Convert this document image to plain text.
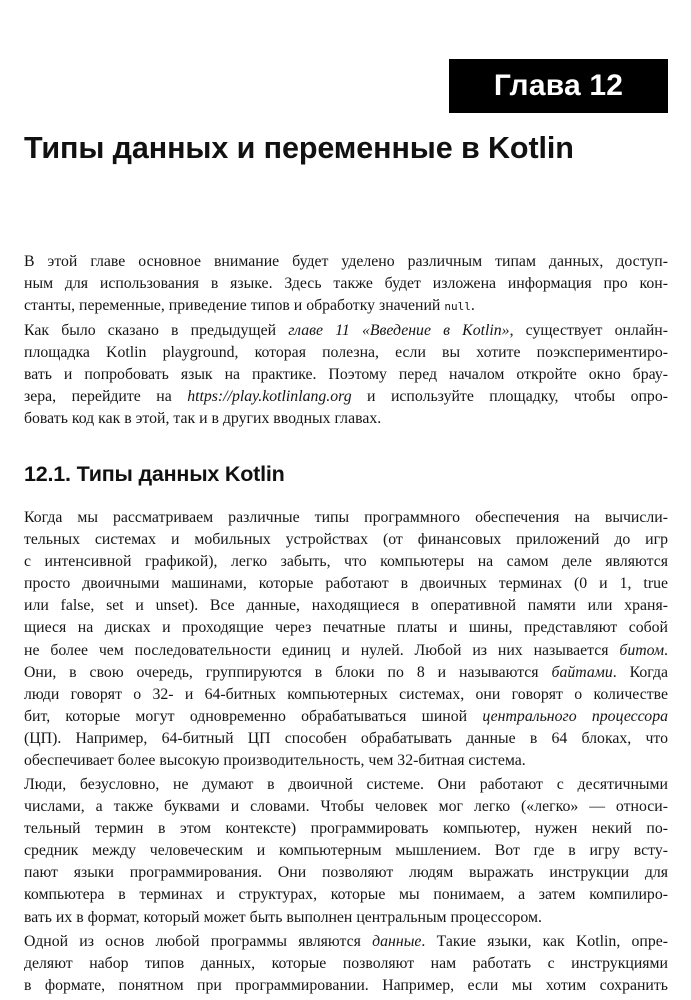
Глава 12
Типы данных и переменные в Kotlin
В этой главе основное внимание будет уделено различным типам данных, доступ-
ным для использования в языке. Здесь также будет изложена информация про кон-
станты, переменные, приведение типов и обработку значений null.
Как было сказано в предыдущей главе 11 «Введение в Kotlin», существует онлайн-
площадка Kotlin playground, которая полезна, если вы хотите поэкспериментиро-
вать и попробовать язык на практике. Поэтому перед началом откройте окно брау-
зера, перейдите на https://play.kotlinlang.org и используйте площадку, чтобы опро-
бовать код как в этой, так и в других вводных главах.
12.1. Типы данных Kotlin
Когда мы рассматриваем различные типы программного обеспечения на вычисли-
тельных системах и мобильных устройствах (от финансовых приложений до игр
с интенсивной графикой), легко забыть, что компьютеры на самом деле являются
просто двоичными машинами, которые работают в двоичных терминах (0 и 1, true
или false, set и unset). Все данные, находящиеся в оперативной памяти или храня-
щиеся на дисках и проходящие через печатные платы и шины, представляют собой
не более чем последовательности единиц и нулей. Любой из них называется битом.
Они, в свою очередь, группируются в блоки по 8 и называются байтами. Когда
люди говорят о 32- и 64-битных компьютерных системах, они говорят о количестве
бит, которые могут одновременно обрабатываться шиной центрального процессора
(ЦП). Например, 64-битный ЦП способен обрабатывать данные в 64 блоках, что
обеспечивает более высокую производительность, чем 32-битная система.
Люди, безусловно, не думают в двоичной системе. Они работают с десятичными
числами, а также буквами и словами. Чтобы человек мог легко («легко» — относи-
тельный термин в этом контексте) программировать компьютер, нужен некий по-
средник между человеческим и компьютерным мышлением. Вот где в игру всту-
пают языки программирования. Они позволяют людям выражать инструкции для
компьютера в терминах и структурах, которые мы понимаем, а затем компилиро-
вать их в формат, который может быть выполнен центральным процессором.
Одной из основ любой программы являются данные. Такие языки, как Kotlin, опре-
деляют набор типов данных, которые позволяют нам работать с инструкциями
в формате, понятном при программировании. Например, если мы хотим сохранить
